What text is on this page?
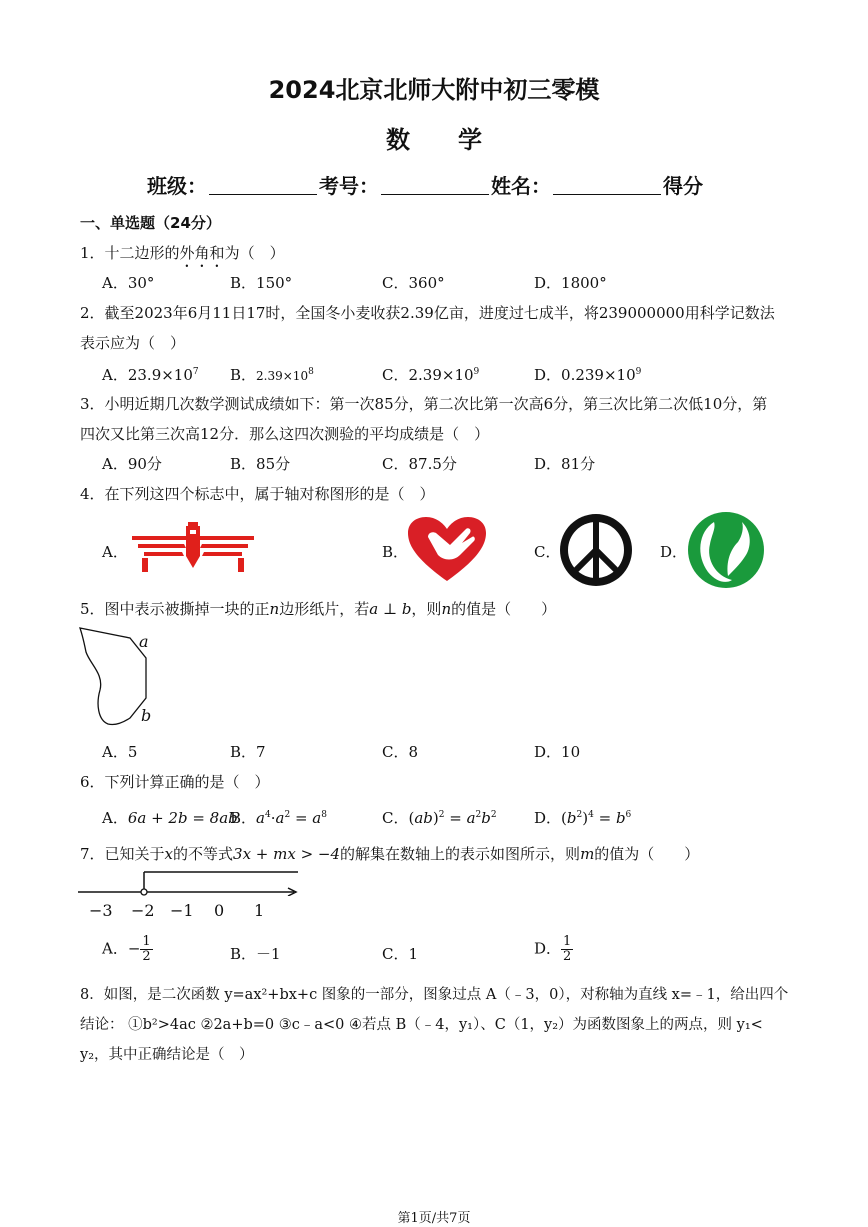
2024北京北师大附中初三零模
数　　学
班级：	考号：	姓名：	得分
一、单选题（24分）
1．十二边形的外角和为（　）
A．30°	B．150°	C．360°	D．1800°
2．截至2023年6月11日17时，全国冬小麦收获2.39亿亩，进度过七成半，将239000000用科学记数法
表示应为（　）
A．$23.9\times 10^7$ B．$2.39\times 10^8$	C．$2.39\times 10^9$	D．$0.239\times 10^9$
3．小明近期几次数学测试成绩如下：第一次85分，第二次比第一次高6分，第三次比第二次低10分，第
四次又比第三次高12分．那么这四次测验的平均成绩是（　）
A．90分	B．85分	C．87.5分	D．81分
4．在下列这四个标志中，属于轴对称图形的是（　）
A．	B．	C．	D．
5．图中表示被撕掉一块的正n边形纸片，若a ⊥ b，则n的值是（　　）
a
b
A．5	B．7	C．8	D．10
6．下列计算正确的是（　）
A．6a + 2b = 8ab
B．$a^4\cdot a^2 = a^8$	C．$(ab)^2 = a^2b^2$ D．$(b^2)^4 = b^6$
7．已知关于x的不等式3x + mx > −4的解集在数轴上的表示如图所示，则m的值为（　　）
−3 −2 −1 0 1
A．− $\frac{1}{2}$	B．－1	C．1	D． $\frac{1}{2}$
8．如图，是二次函数 y=ax²+bx+c 图象的一部分，图象过点 A（﹣3，0），对称轴为直线 x=﹣1，给出四个
结论： ①b²>4ac ②2a+b=0 ③c﹣a<0 ④若点 B（﹣4，y₁）、C（1，y₂）为函数图象上的两点，则 y₁<
y₂，其中正确结论是（　）
第1页/共7页
